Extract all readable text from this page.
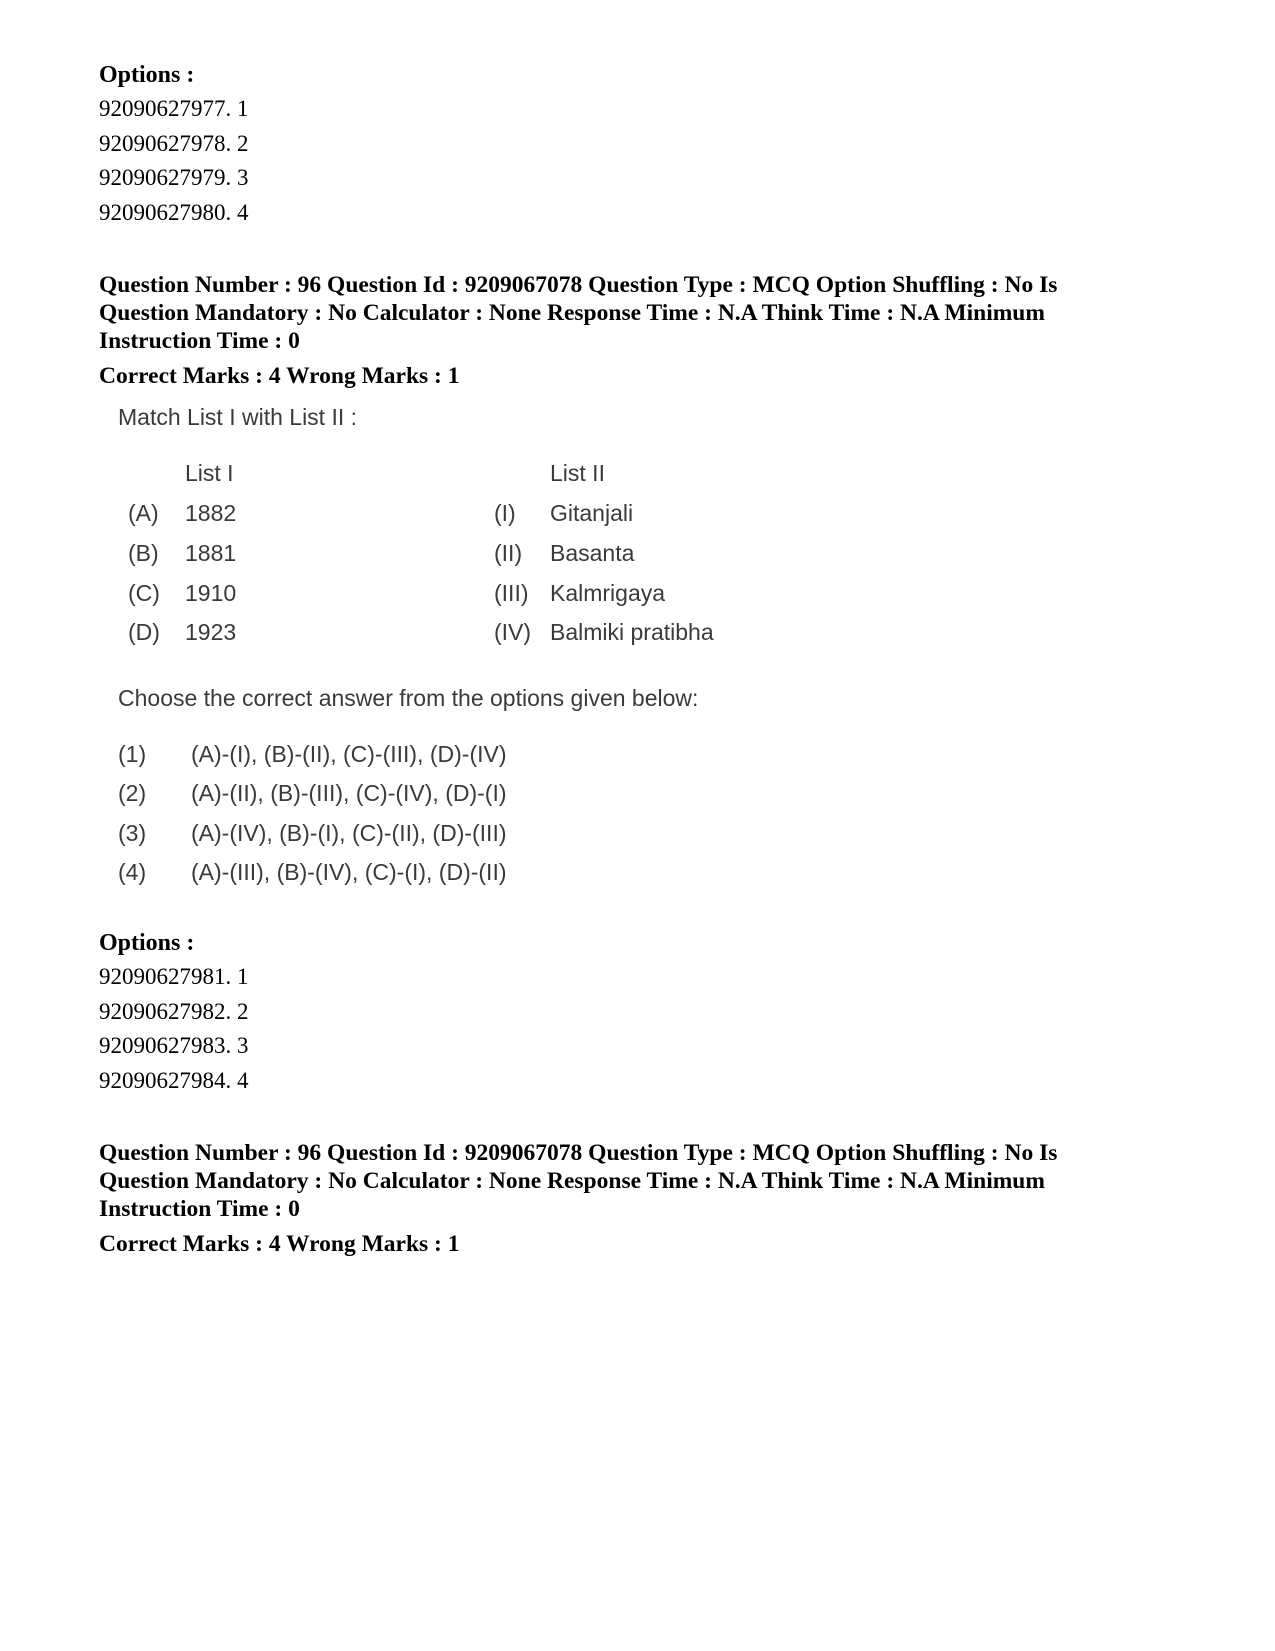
Options :

92090627977. 1
92090627978. 2
92090627979. 3
92090627980. 4

Question Number : 96 Question Id : 9209067078 Question Type : MCQ Option Shuffling : No Is

Question Mandatory : No Calculator : None Response Time : N.A Think Time : N.A Minimum

Instruction Time : 0

Correct Marks : 4 Wrong Marks : 1
Match List I with List II :
List I	List II
(A) 1882	(I) Gitanjali
(B) 1881	(II) Basanta
(C) 1910	(III) Kalmrigaya
(D) 1923	(IV) Balmiki pratibha
Choose the correct answer from the options given below:
(1) (A)-(I), (B)-(II), (C)-(III), (D)-(IV)
(2) (A)-(II), (B)-(III), (C)-(IV), (D)-(I)
(3) (A)-(IV), (B)-(I), (C)-(II), (D)-(III)
(4) (A)-(III), (B)-(IV), (C)-(I), (D)-(II)

Options :

92090627981. 1
92090627982. 2
92090627983. 3
92090627984. 4

Question Number : 96 Question Id : 9209067078 Question Type : MCQ Option Shuffling : No Is

Question Mandatory : No Calculator : None Response Time : N.A Think Time : N.A Minimum

Instruction Time : 0

Correct Marks : 4 Wrong Marks : 1
